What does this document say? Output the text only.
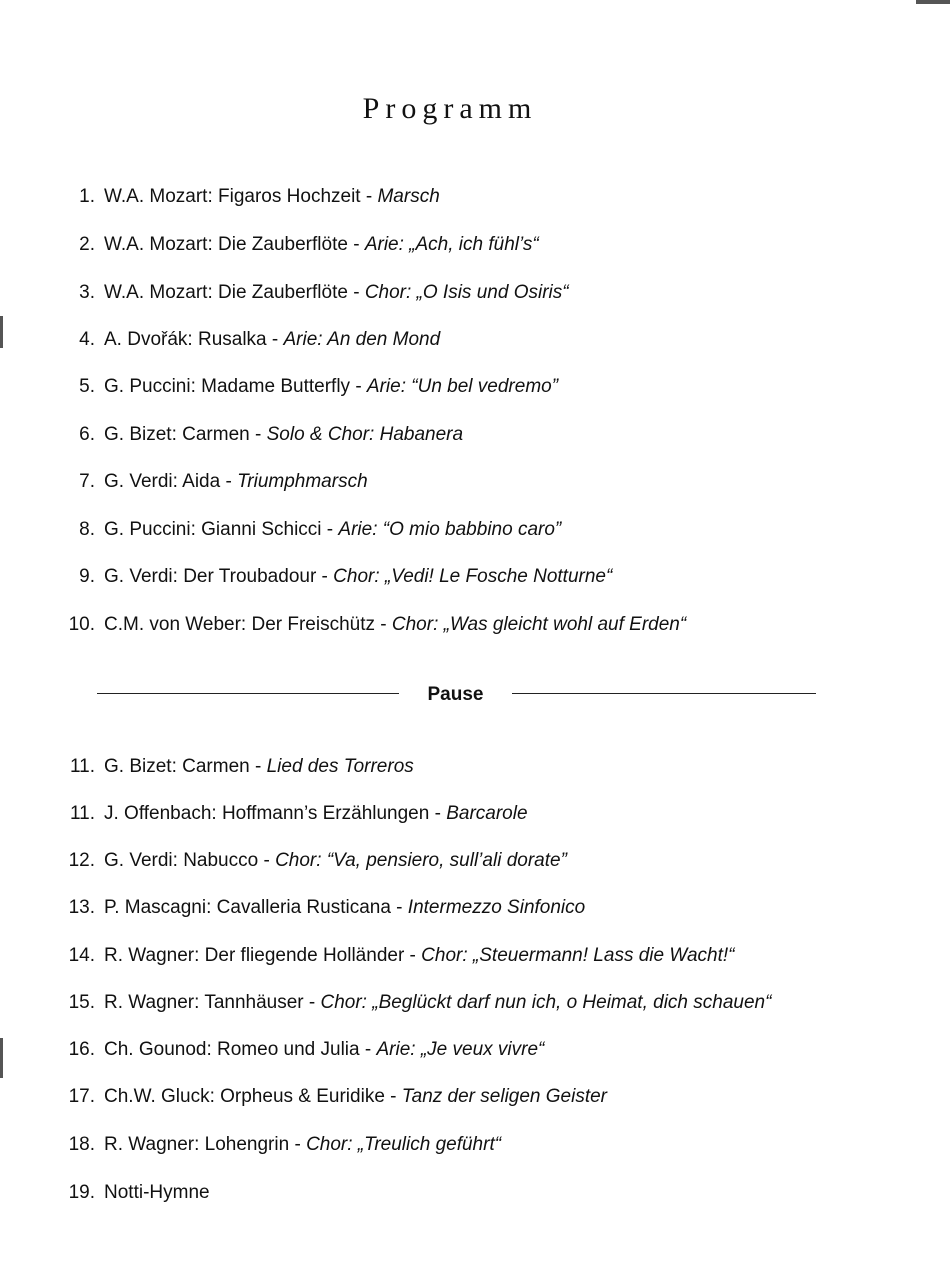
Programm
1. W.A. Mozart: Figaros Hochzeit - Marsch
2. W.A. Mozart: Die Zauberflöte - Arie: „Ach, ich fühl’s“
3. W.A. Mozart: Die Zauberflöte - Chor: „O Isis und Osiris“
4. A. Dvořák: Rusalka - Arie: An den Mond
5. G. Puccini: Madame Butterfly - Arie: “Un bel vedremo”
6. G. Bizet: Carmen - Solo & Chor: Habanera
7. G. Verdi: Aida - Triumphmarsch
8. G. Puccini: Gianni Schicci - Arie: “O mio babbino caro”
9. G. Verdi: Der Troubadour - Chor: „Vedi! Le Fosche Notturne“
10. C.M. von Weber: Der Freischütz - Chor: „Was gleicht wohl auf Erden“
11. G. Bizet: Carmen - Lied des Torreros
11. J. Offenbach: Hoffmann’s Erzählungen - Barcarole
12. G. Verdi: Nabucco - Chor: “Va, pensiero, sull’ali dorate”
13. P. Mascagni: Cavalleria Rusticana - Intermezzo Sinfonico
14. R. Wagner: Der fliegende Holländer - Chor: „Steuermann! Lass die Wacht!“
15. R. Wagner: Tannhäuser - Chor: „Beglückt darf nun ich, o Heimat, dich schauen“
16. Ch. Gounod: Romeo und Julia - Arie: „Je veux vivre“
17. Ch.W. Gluck: Orpheus & Euridike - Tanz der seligen Geister
18. R. Wagner: Lohengrin - Chor: „Treulich geführt“
19. Notti-Hymne
Pause
